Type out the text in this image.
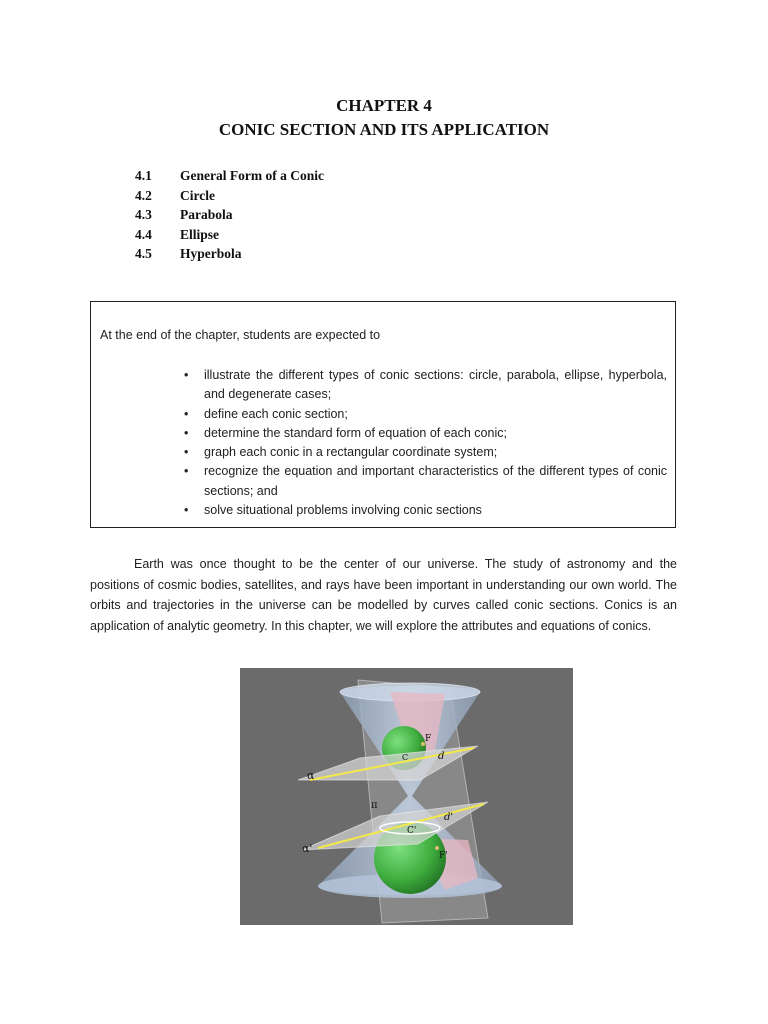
CHAPTER 4
CONIC SECTION AND ITS APPLICATION
4.1	General Form of a Conic
4.2	Circle
4.3	Parabola
4.4	Ellipse
4.5	Hyperbola
At the end of the chapter, students are expected to
• illustrate the different types of conic sections: circle, parabola, ellipse, hyperbola, and degenerate cases;
• define each conic section;
• determine the standard form of equation of each conic;
• graph each conic in a rectangular coordinate system;
• recognize the equation and important characteristics of the different types of conic sections; and
• solve situational problems involving conic sections

Earth was once thought to be the center of our universe. The study of astronomy and the positions of cosmic bodies, satellites, and rays have been important in understanding our own world. The orbits and trajectories in the universe can be modelled by curves called conic sections. Conics is an application of analytic geometry. In this chapter, we will explore the attributes and equations of conics.

α
α'
π
d
d'
F
F'
C
C'
